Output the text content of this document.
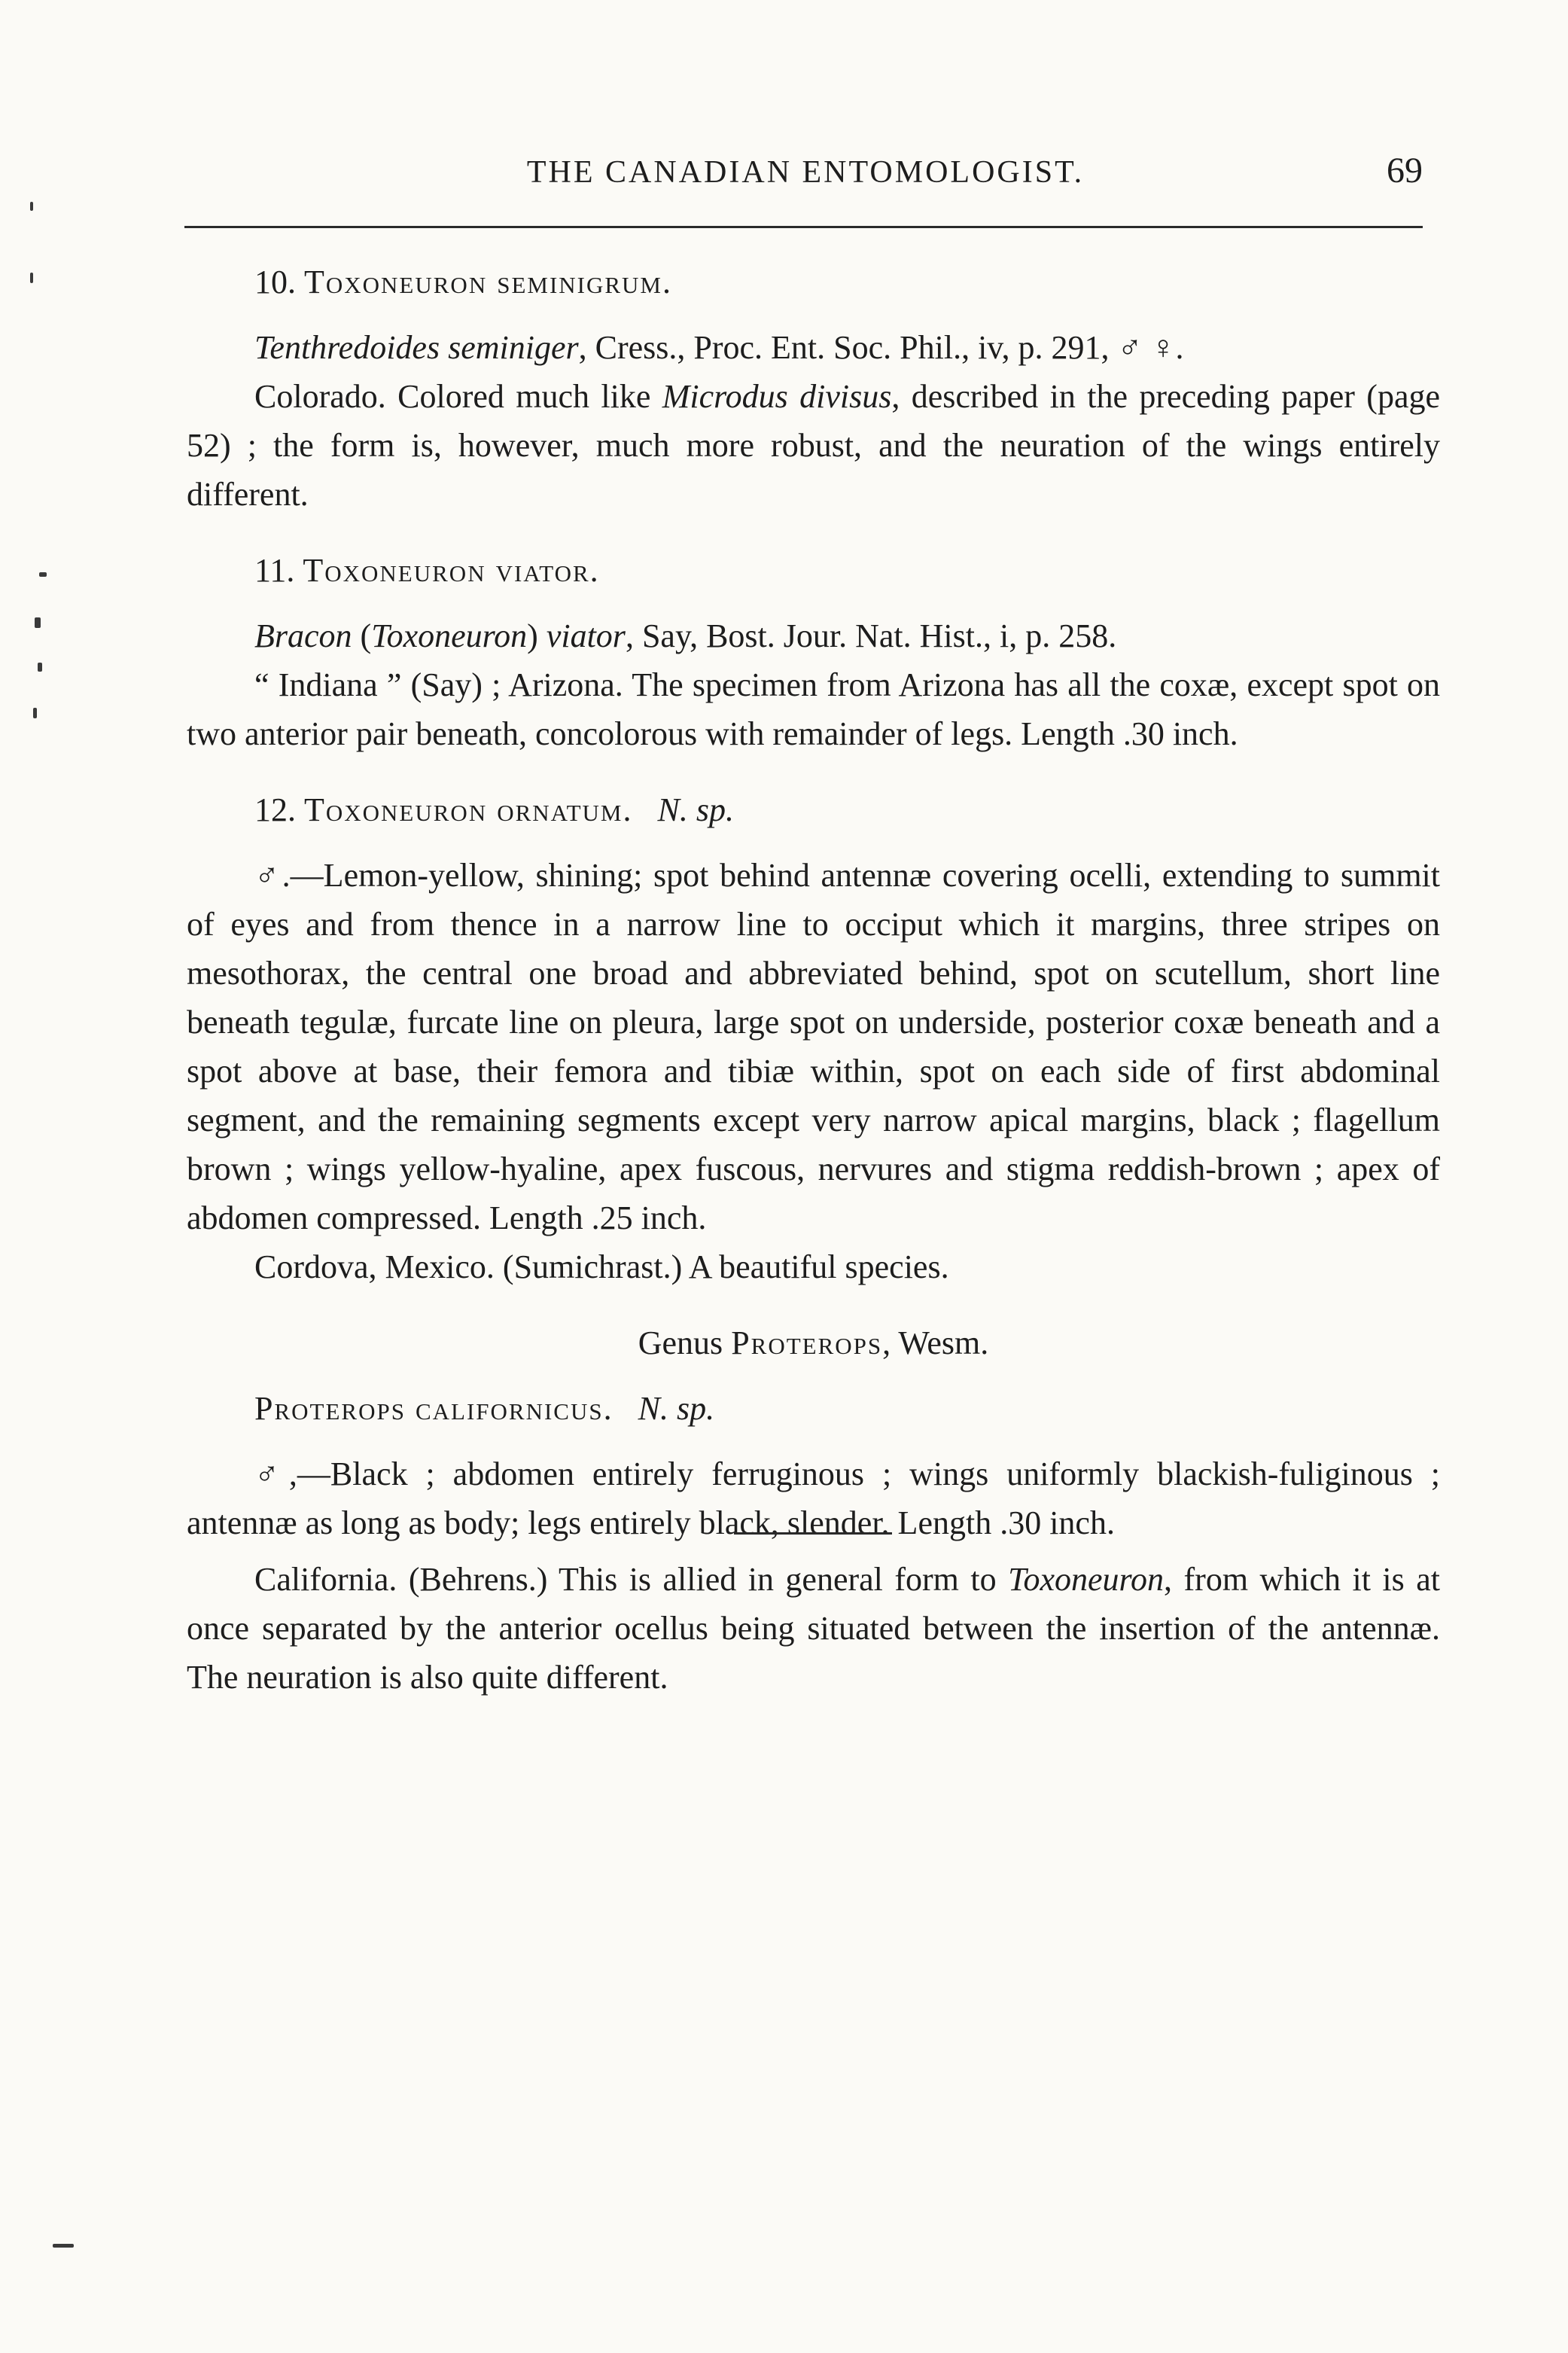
THE CANADIAN ENTOMOLOGIST.	69

10. Toxoneuron seminigrum.

Tenthredoides seminiger, Cress., Proc. Ent. Soc. Phil., iv, p. 291, ♂ ♀.

Colorado. Colored much like Microdus divisus, described in the preceding paper (page 52) ; the form is, however, much more robust, and the neuration of the wings entirely different.

11. Toxoneuron viator.

Bracon (Toxoneuron) viator, Say, Bost. Jour. Nat. Hist., i, p. 258.

“ Indiana ” (Say) ; Arizona. The specimen from Arizona has all the coxæ, except spot on two anterior pair beneath, concolorous with remainder of legs. Length .30 inch.

12. Toxoneuron ornatum. N. sp.

♂.—Lemon-yellow, shining; spot behind antennæ covering ocelli, extending to summit of eyes and from thence in a narrow line to occiput which it margins, three stripes on mesothorax, the central one broad and abbreviated behind, spot on scutellum, short line beneath tegulæ, furcate line on pleura, large spot on underside, posterior coxæ beneath and a spot above at base, their femora and tibiæ within, spot on each side of first abdominal segment, and the remaining segments except very narrow apical margins, black ; flagellum brown ; wings yellow-hyaline, apex fuscous, nervures and stigma reddish-brown ; apex of abdomen compressed. Length .25 inch.

Cordova, Mexico. (Sumichrast.) A beautiful species.

Genus Proterops, Wesm.

Proterops californicus. N. sp.

♂,—Black ; abdomen entirely ferruginous ; wings uniformly blackish-fuliginous ; antennæ as long as body; legs entirely black, slender. Length .30 inch.

California. (Behrens.) This is allied in general form to Toxoneuron, from which it is at once separated by the anterior ocellus being situated between the insertion of the antennæ. The neuration is also quite different.
